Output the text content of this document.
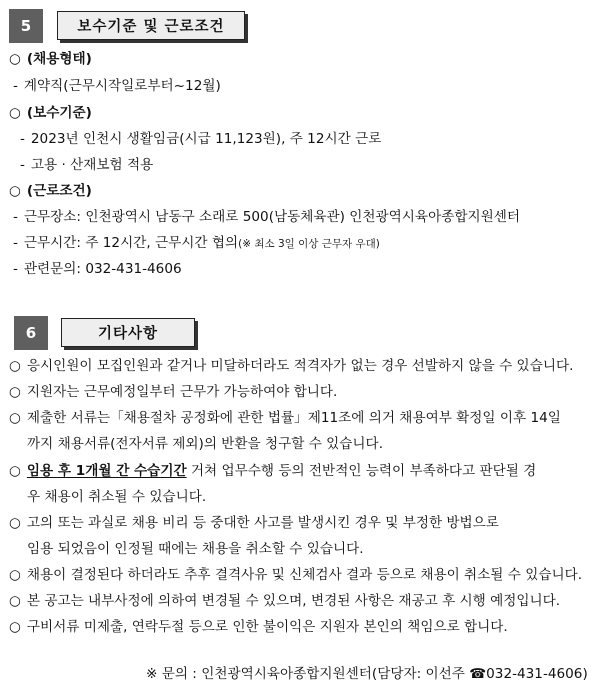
5	보수기준 및 근로조건
○ (채용형태)
- 계약직(근무시작일로부터~12월)
○ (보수기준)
- 2023년 인천시 생활임금(시급 11,123원), 주 12시간 근로
- 고용 · 산재보험 적용
○ (근로조건)
- 근무장소: 인천광역시 남동구 소래로 500(남동체육관) 인천광역시육아종합지원센터
- 근무시간: 주 12시간, 근무시간 협의(※ 최소 3일 이상 근무자 우대)
- 관련문의: 032-431-4606
6	기타사항
○ 응시인원이 모집인원과 같거나 미달하더라도 적격자가 없는 경우 선발하지 않을 수 있습니다.
○ 지원자는 근무예정일부터 근무가 가능하여야 합니다.
○ 제출한 서류는「채용절차 공정화에 관한 법률」제11조에 의거 채용여부 확정일 이후 14일
까지 채용서류(전자서류 제외)의 반환을 청구할 수 있습니다.
○ 임용 후 1개월 간 수습기간 거쳐 업무수행 등의 전반적인 능력이 부족하다고 판단될 경
우 채용이 취소될 수 있습니다.
○ 고의 또는 과실로 채용 비리 등 중대한 사고를 발생시킨 경우 및 부정한 방법으로
임용 되었음이 인정될 때에는 채용을 취소할 수 있습니다.
○ 채용이 결정된다 하더라도 추후 결격사유 및 신체검사 결과 등으로 채용이 취소될 수 있습니다.
○ 본 공고는 내부사정에 의하여 변경될 수 있으며, 변경된 사항은 재공고 후 시행 예정입니다.
○ 구비서류 미제출, 연락두절 등으로 인한 불이익은 지원자 본인의 책임으로 합니다.
※ 문의 : 인천광역시육아종합지원센터(담당자: 이선주 ☎032-431-4606)
